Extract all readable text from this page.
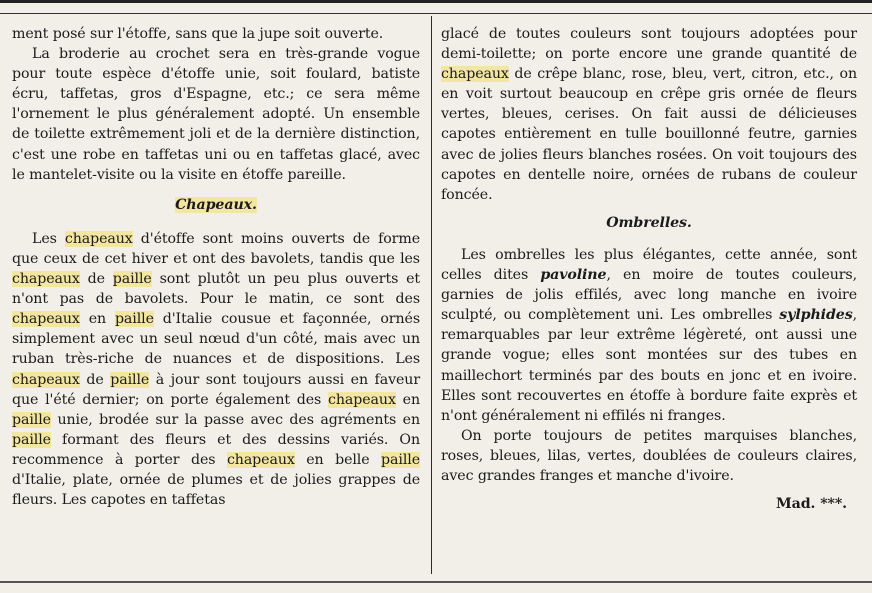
ment posé sur l'étoffe, sans que la jupe soit ouverte.

La broderie au crochet sera en très-grande vogue pour toute espèce d'étoffe unie, soit foulard, batiste écru, taffetas, gros d'Espagne, etc.; ce sera même l'ornement le plus généralement adopté. Un ensemble de toilette extrêmement joli et de la dernière distinction, c'est une robe en taffetas uni ou en taffetas glacé, avec le mantelet-visite ou la visite en étoffe pareille.

Chapeaux.

Les chapeaux d'étoffe sont moins ouverts de forme que ceux de cet hiver et ont des bavolets, tandis que les chapeaux de paille sont plutôt un peu plus ouverts et n'ont pas de bavolets. Pour le matin, ce sont des chapeaux en paille d'Italie cousue et façonnée, ornés simplement avec un seul nœud d'un côté, mais avec un ruban très-riche de nuances et de dispositions. Les chapeaux de paille à jour sont toujours aussi en faveur que l'été dernier; on porte également des chapeaux en paille unie, brodée sur la passe avec des agréments en paille formant des fleurs et des dessins variés. On recommence à porter des chapeaux en belle paille d'Italie, plate, ornée de plumes et de jolies grappes de fleurs. Les capotes en taffetas

glacé de toutes couleurs sont toujours adoptées pour demi-toilette; on porte encore une grande quantité de chapeaux de crêpe blanc, rose, bleu, vert, citron, etc., on en voit surtout beaucoup en crêpe gris ornée de fleurs vertes, bleues, cerises. On fait aussi de délicieuses capotes entièrement en tulle bouillonné feutre, garnies avec de jolies fleurs blanches rosées. On voit toujours des capotes en dentelle noire, ornées de rubans de couleur foncée.

Ombrelles.

Les ombrelles les plus élégantes, cette année, sont celles dites pavoline, en moire de toutes couleurs, garnies de jolis effilés, avec long manche en ivoire sculpté, ou complètement uni. Les ombrelles sylphides, remarquables par leur extrême légèreté, ont aussi une grande vogue; elles sont montées sur des tubes en maillechort terminés par des bouts en jonc et en ivoire. Elles sont recouvertes en étoffe à bordure faite exprès et n'ont généralement ni effilés ni franges.

On porte toujours de petites marquises blanches, roses, bleues, lilas, vertes, doublées de couleurs claires, avec grandes franges et manche d'ivoire.

Mad. ***.
